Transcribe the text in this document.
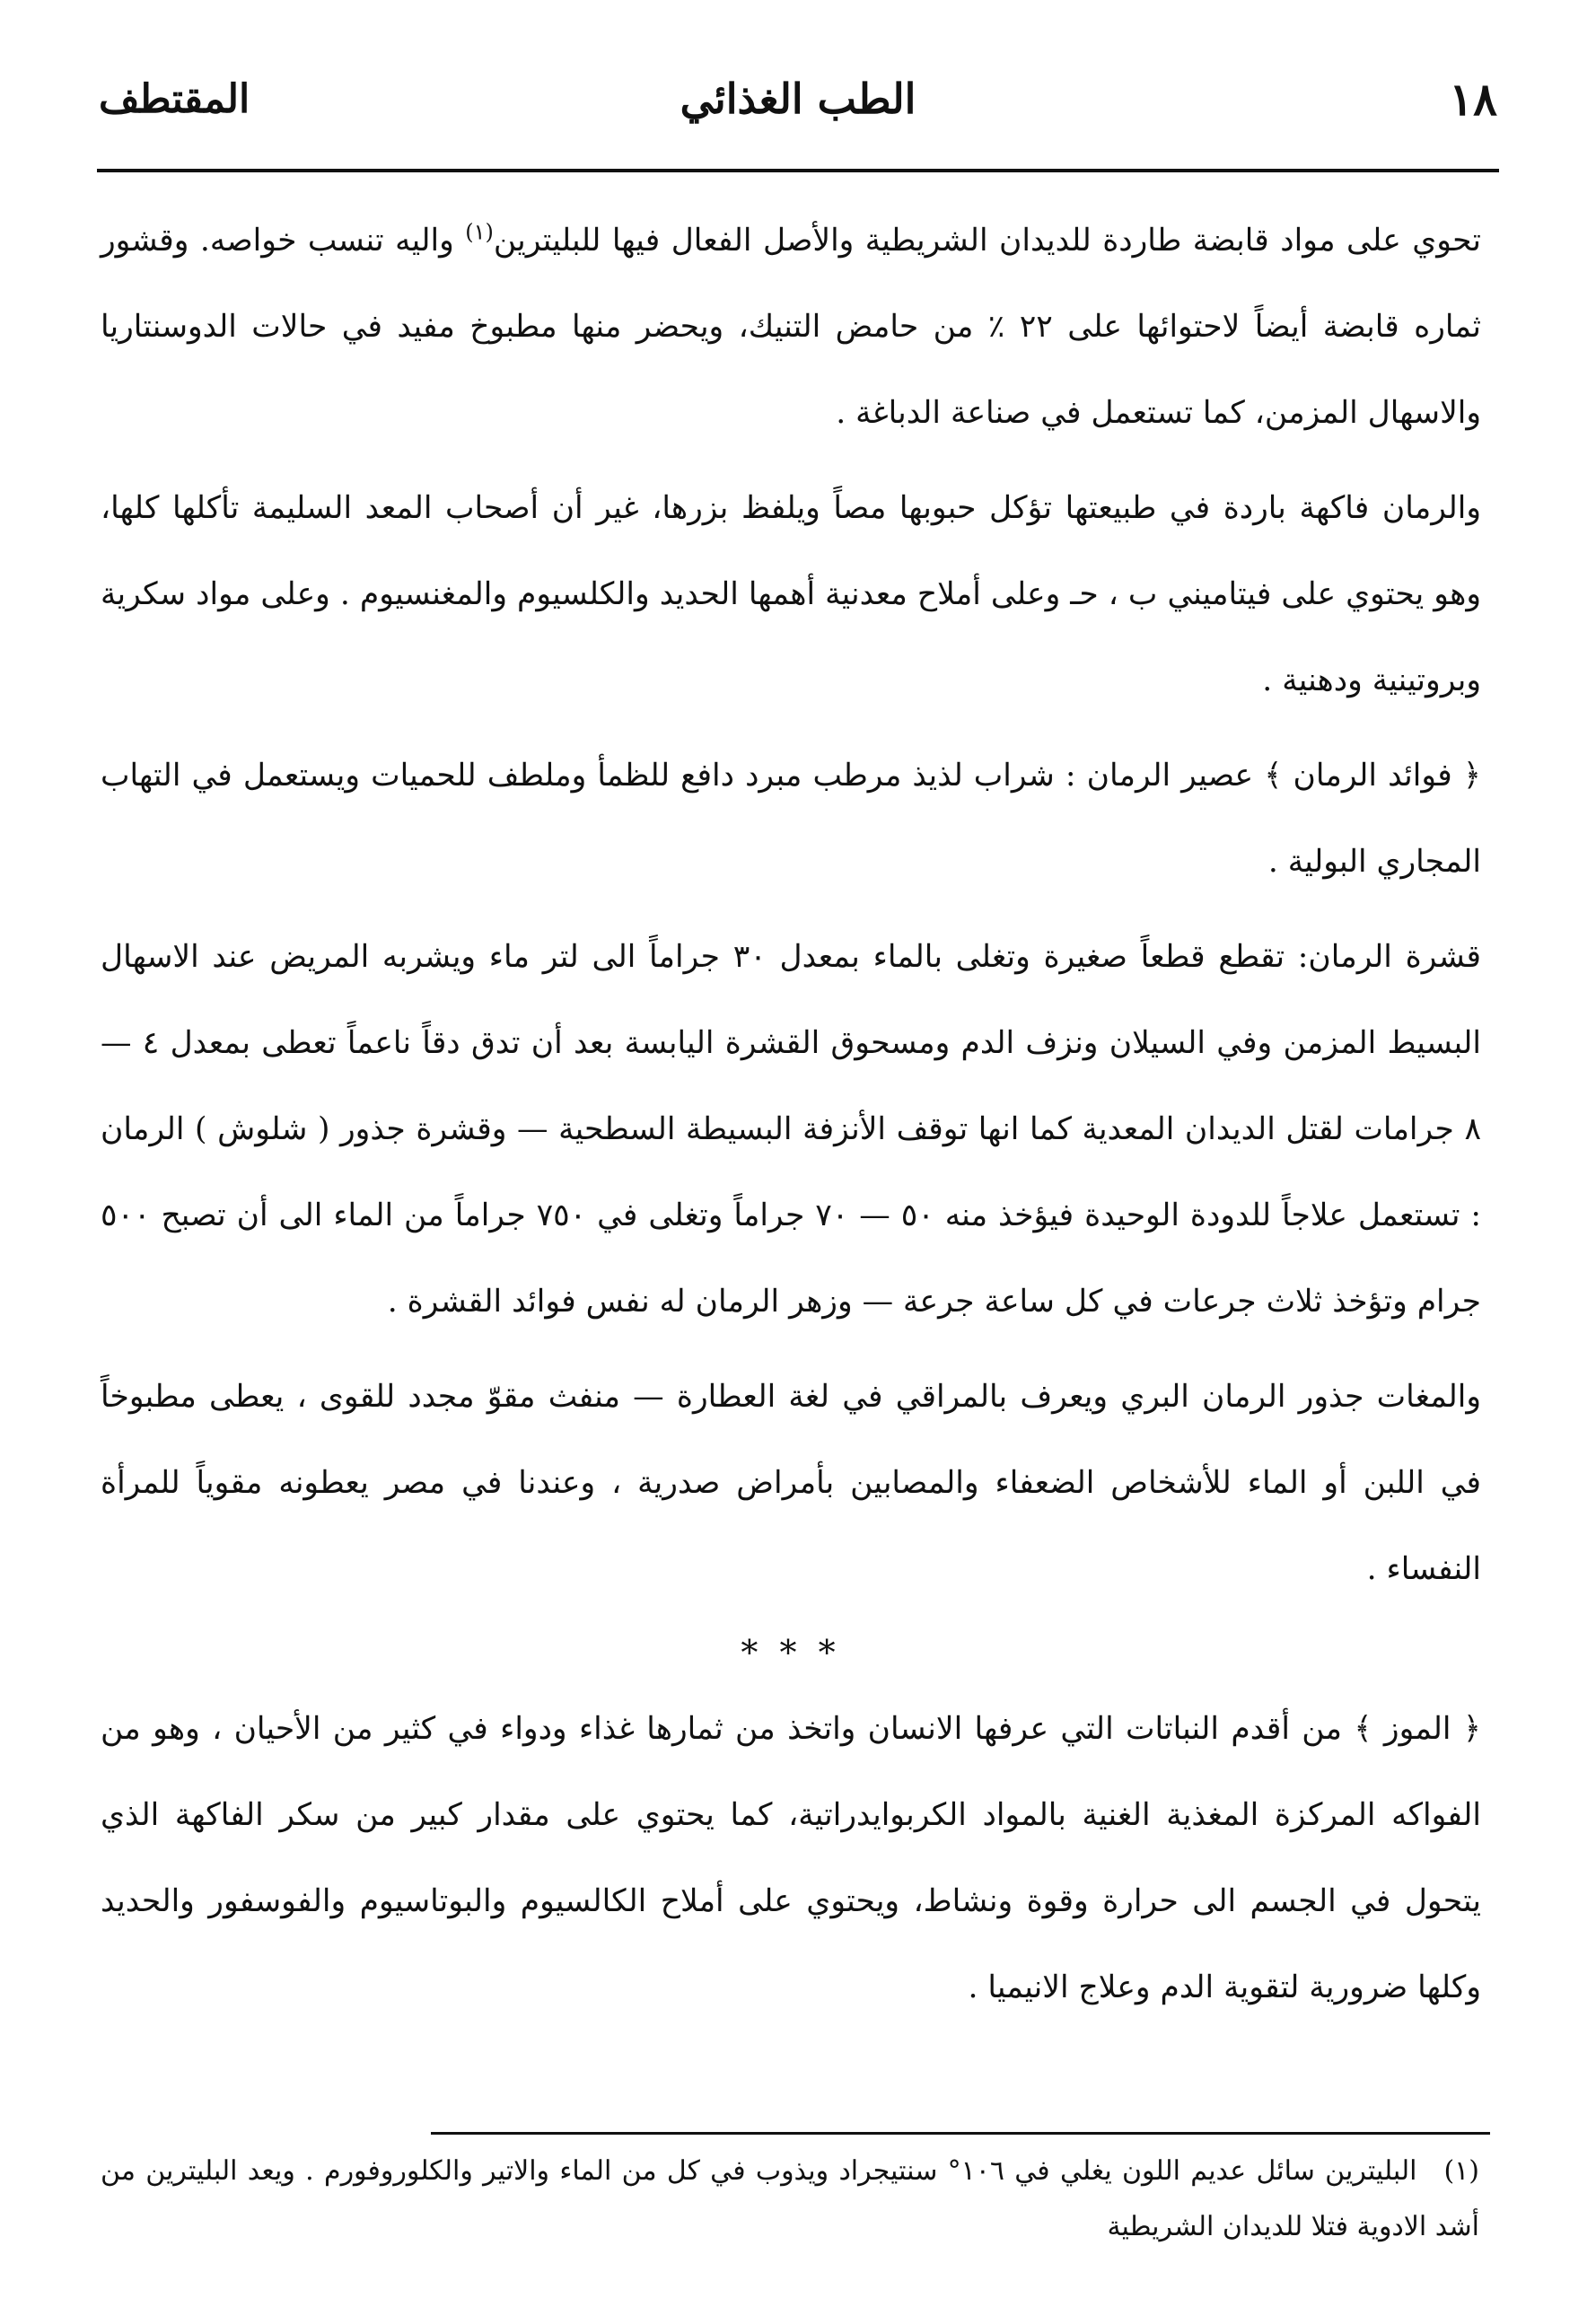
١٨
الطب الغذائي
المقتطف

تحوي على مواد قابضة طاردة للديدان الشريطية والأصل الفعال فيها للبليترين$^{(١)}$ واليه تنسب خواصه. وقشور ثماره قابضة أيضاً لاحتوائها على ٢٢ ٪ من حامض التنيك، ويحضر منها مطبوخ مفيد في حالات الدوسنتاريا والاسهال المزمن، كما تستعمل في صناعة الدباغة .

والرمان فاكهة باردة في طبيعتها تؤكل حبوبها مصاً ويلفظ بزرها، غير أن أصحاب المعد السليمة تأكلها كلها، وهو يحتوي على فيتاميني ب ، حـ وعلى أملاح معدنية أهمها الحديد والكلسيوم والمغنسيوم . وعلى مواد سكرية وبروتينية ودهنية .

﴿ فوائد الرمان ﴾ عصير الرمان : شراب لذيذ مرطب مبرد دافع للظمأ وملطف للحميات ويستعمل في التهاب المجاري البولية .

قشرة الرمان: تقطع قطعاً صغيرة وتغلى بالماء بمعدل ٣٠ جراماً الى لتر ماء ويشربه المريض عند الاسهال البسيط المزمن وفي السيلان ونزف الدم ومسحوق القشرة اليابسة بعد أن تدق دقاً ناعماً تعطى بمعدل ٤ — ٨ جرامات لقتل الديدان المعدية كما انها توقف الأنزفة البسيطة السطحية — وقشرة جذور ( شلوش ) الرمان : تستعمل علاجاً للدودة الوحيدة فيؤخذ منه ٥٠ — ٧٠ جراماً وتغلى في ٧٥٠ جراماً من الماء الى أن تصبح ٥٠٠ جرام وتؤخذ ثلاث جرعات في كل ساعة جرعة — وزهر الرمان له نفس فوائد القشرة .

والمغات جذور الرمان البري ويعرف بالمراقي في لغة العطارة — منفث مقوّ مجدد للقوى ، يعطى مطبوخاً في اللبن أو الماء للأشخاص الضعفاء والمصابين بأمراض صدرية ، وعندنا في مصر يعطونه مقوياً للمرأة النفساء .

* * *

﴿ الموز ﴾ من أقدم النباتات التي عرفها الانسان واتخذ من ثمارها غذاء ودواء في كثير من الأحيان ، وهو من الفواكه المركزة المغذية الغنية بالمواد الكربوايدراتية، كما يحتوي على مقدار كبير من سكر الفاكهة الذي يتحول في الجسم الى حرارة وقوة ونشاط، ويحتوي على أملاح الكالسيوم والبوتاسيوم والفوسفور والحديد وكلها ضرورية لتقوية الدم وعلاج الانيميا .

(١)البليترين سائل عديم اللون يغلي في ١٠٦° سنتيجراد ويذوب في كل من الماء والاتير والكلوروفورم . ويعد البليترين من أشد الادوية فتلا للديدان الشريطية
